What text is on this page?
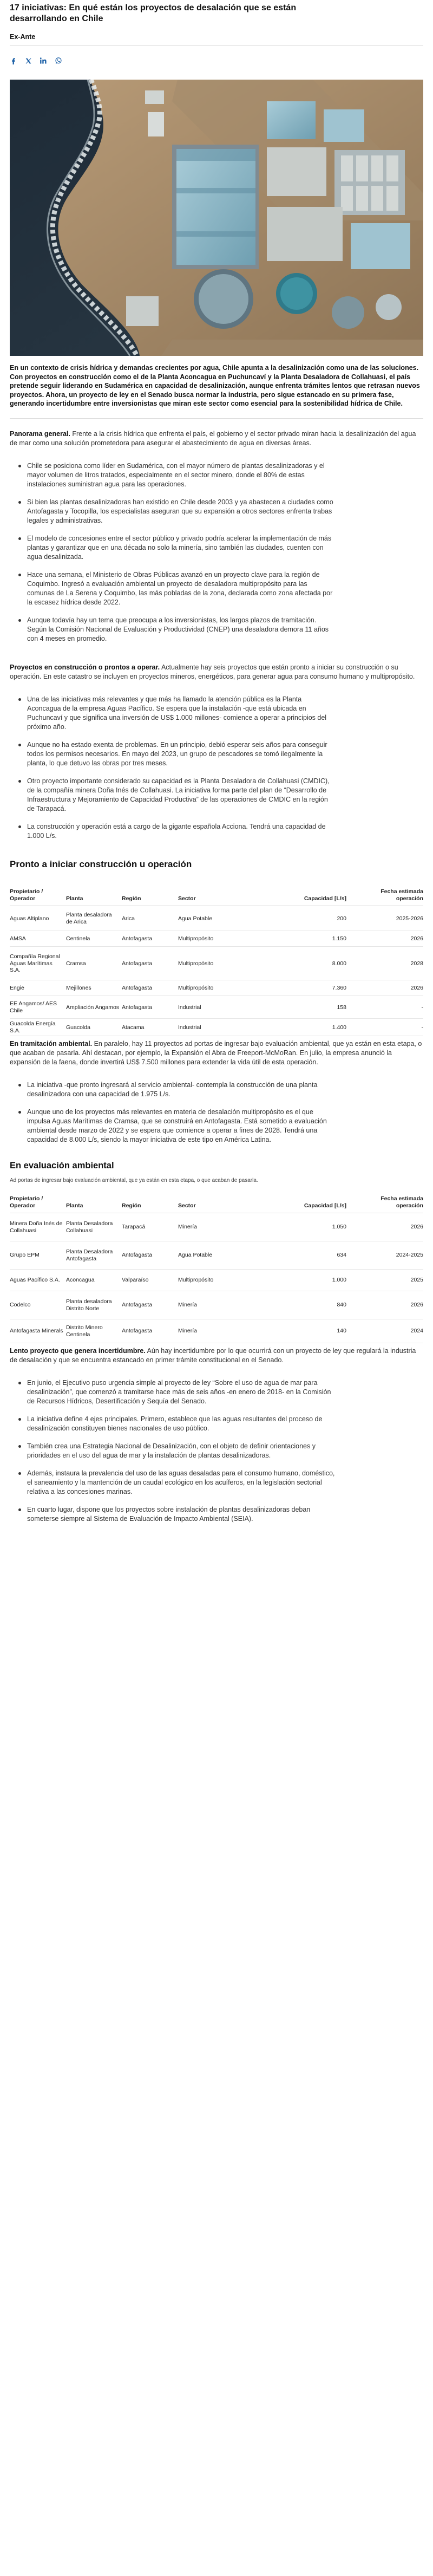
17 iniciativas: En qué están los proyectos de desalación que se están desarrollando en Chile
Ex-Ante

En un contexto de crisis hídrica y demandas crecientes por agua, Chile apunta a la desalinización como una de las soluciones. Con proyectos en construcción como el de la Planta Aconcagua en Puchuncaví y la Planta Desaladora de Collahuasi, el país pretende seguir liderando en Sudamérica en capacidad de desalinización, aunque enfrenta trámites lentos que retrasan nuevos proyectos. Ahora, un proyecto de ley en el Senado busca normar la industria, pero sigue estancado en su primera fase, generando incertidumbre entre inversionistas que miran este sector como esencial para la sostenibilidad hídrica de Chile.

Panorama general. Frente a la crisis hídrica que enfrenta el país, el gobierno y el sector privado miran hacia la desalinización del agua de mar como una solución prometedora para asegurar el abastecimiento de agua en diversas áreas.

Chile se posiciona como líder en Sudamérica, con el mayor número de plantas desalinizadoras y el mayor volumen de litros tratados, especialmente en el sector minero, donde el 80% de estas instalaciones suministran agua para las operaciones.
Si bien las plantas desalinizadoras han existido en Chile desde 2003 y ya abastecen a ciudades como Antofagasta y Tocopilla, los especialistas aseguran que su expansión a otros sectores enfrenta trabas legales y administrativas.
El modelo de concesiones entre el sector público y privado podría acelerar la implementación de más plantas y garantizar que en una década no solo la minería, sino también las ciudades, cuenten con agua desalinizada.
Hace una semana, el Ministerio de Obras Públicas avanzó en un proyecto clave para la región de Coquimbo. Ingresó a evaluación ambiental un proyecto de desaladora multipropósito para las comunas de La Serena y Coquimbo, las más pobladas de la zona, declarada como zona afectada por la escasez hídrica desde 2022.
Aunque todavía hay un tema que preocupa a los inversionistas, los largos plazos de tramitación. Según la Comisión Nacional de Evaluación y Productividad (CNEP) una desaladora demora 11 años con 4 meses en promedio.

Proyectos en construcción o prontos a operar. Actualmente hay seis proyectos que están pronto a iniciar su construcción o su operación. En este catastro se incluyen en proyectos mineros, energéticos, para generar agua para consumo humano y multipropósito.

Una de las iniciativas más relevantes y que más ha llamado la atención pública es la Planta Aconcagua de la empresa Aguas Pacífico. Se espera que la instalación -que está ubicada en Puchuncaví y que significa una inversión de US$ 1.000 millones- comience a operar a principios del próximo año.
Aunque no ha estado exenta de problemas. En un principio, debió esperar seis años para conseguir todos los permisos necesarios. En mayo del 2023, un grupo de pescadores se tomó ilegalmente la planta, lo que detuvo las obras por tres meses.
Otro proyecto importante considerado su capacidad es la Planta Desaladora de Collahuasi (CMDIC), de la compañía minera Doña Inés de Collahuasi. La iniciativa forma parte del plan de “Desarrollo de Infraestructura y Mejoramiento de Capacidad Productiva” de las operaciones de CMDIC en la región de Tarapacá.
La construcción y operación está a cargo de la gigante española Acciona. Tendrá una capacidad de 1.000 L/s.
Pronto a iniciar construcción u operación
Propietario / Operador	Planta	Región	Sector	Capacidad [L/s]	Fecha estimada operación
Aguas Altiplano	Planta desaladora de Arica	Arica	Agua Potable	200	2025-2026
AMSA	Centinela	Antofagasta	Multipropósito	1.150	2026
Compañía Regional Aguas Marítimas S.A.	Cramsa	Antofagasta	Multipropósito	8.000	2028
Engie	Mejillones	Antofagasta	Multipropósito	7.360	2026
EE Angamos/ AES Chile	Ampliación Angamos	Antofagasta	Industrial	158	-
Guacolda Energía S.A.	Guacolda	Atacama	Industrial	1.400	-

En tramitación ambiental. En paralelo, hay 11 proyectos ad portas de ingresar bajo evaluación ambiental, que ya están en esta etapa, o que acaban de pasarla. Ahí destacan, por ejemplo, la Expansión el Abra de Freeport-McMoRan. En julio, la empresa anunció la expansión de la faena, donde invertirá US$ 7.500 millones para extender la vida útil de esta operación.

La iniciativa -que pronto ingresará al servicio ambiental- contempla la construcción de una planta desalinizadora con una capacidad de 1.975 L/s.
Aunque uno de los proyectos más relevantes en materia de desalación multipropósito es el que impulsa Aguas Marítimas de Cramsa, que se construirá en Antofagasta. Está sometido a evaluación ambiental desde marzo de 2022 y se espera que comience a operar a fines de 2028. Tendrá una capacidad de 8.000 L/s, siendo la mayor iniciativa de este tipo en América Latina.
En evaluación ambiental
Ad portas de ingresar bajo evaluación ambiental, que ya están en esta etapa, o que acaban de pasarla.
Propietario / Operador	Planta	Región	Sector	Capacidad [L/s]	Fecha estimada operación
Minera Doña Inés de Collahuasi	Planta Desaladora Collahuasi	Tarapacá	Minería	1.050	2026
Grupo EPM	Planta Desaladora Antofagasta	Antofagasta	Agua Potable	634	2024-2025
Aguas Pacífico S.A.	Aconcagua	Valparaíso	Multipropósito	1.000	2025
Codelco	Planta desaladora Distrito Norte	Antofagasta	Minería	840	2026
Antofagasta Minerals	Distrito Minero Centinela	Antofagasta	Minería	140	2024

Lento proyecto que genera incertidumbre. Aún hay incertidumbre por lo que ocurrirá con un proyecto de ley que regulará la industria de desalación y que se encuentra estancado en primer trámite constitucional en el Senado.

En junio, el Ejecutivo puso urgencia simple al proyecto de ley “Sobre el uso de agua de mar para desalinización”, que comenzó a tramitarse hace más de seis años -en enero de 2018- en la Comisión de Recursos Hídricos, Desertificación y Sequía del Senado.
La iniciativa define 4 ejes principales. Primero, establece que las aguas resultantes del proceso de desalinización constituyen bienes nacionales de uso público.
También crea una Estrategia Nacional de Desalinización, con el objeto de definir orientaciones y prioridades en el uso del agua de mar y la instalación de plantas desalinizadoras.
Además, instaura la prevalencia del uso de las aguas desaladas para el consumo humano, doméstico, el saneamiento y la mantención de un caudal ecológico en los acuíferos, en la legislación sectorial relativa a las concesiones marinas.
En cuarto lugar, dispone que los proyectos sobre instalación de plantas desalinizadoras deban someterse siempre al Sistema de Evaluación de Impacto Ambiental (SEIA).
